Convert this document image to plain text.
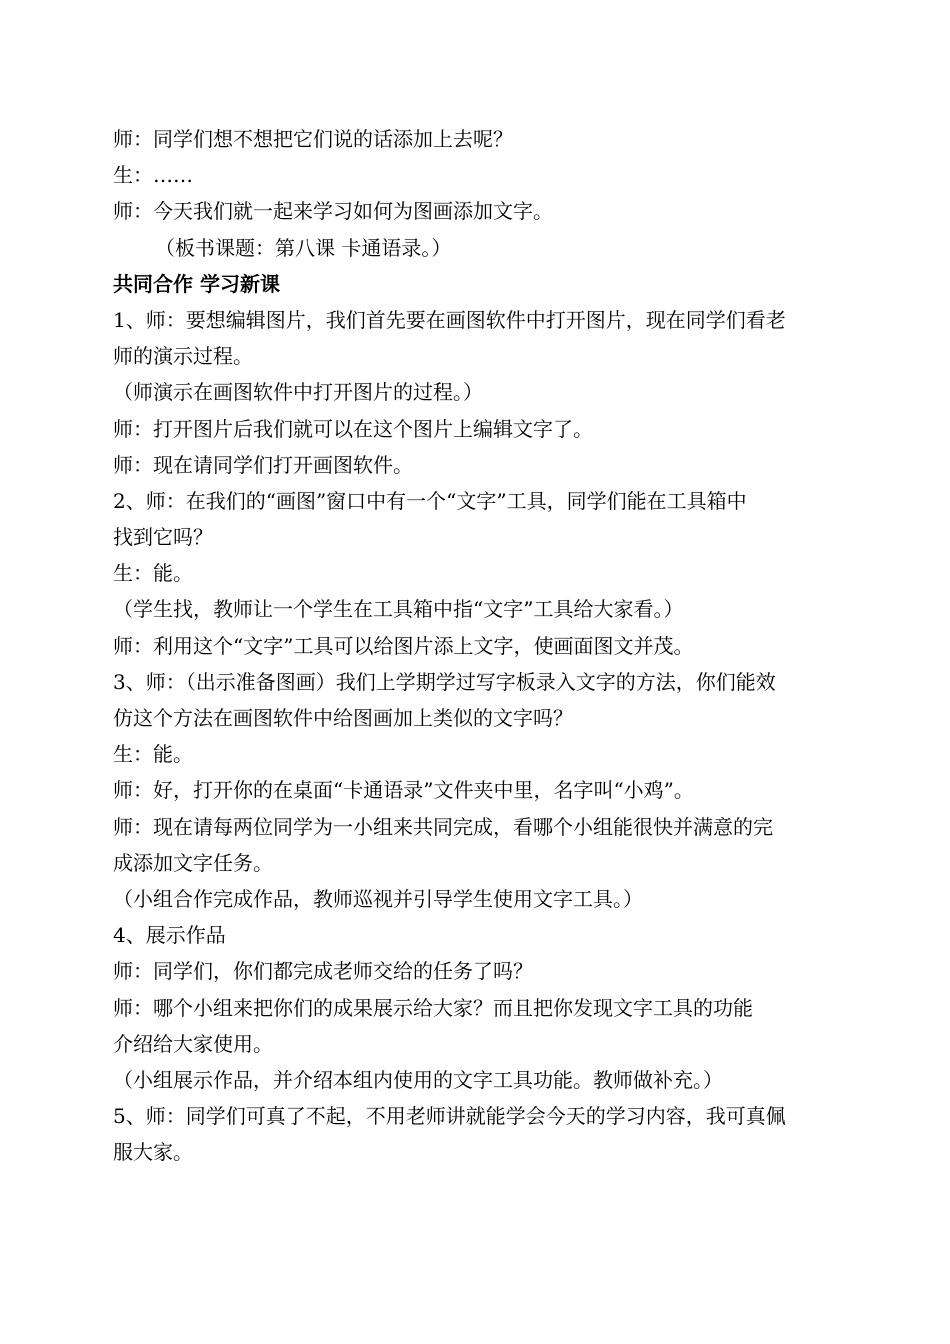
师：同学们想不想把它们说的话添加上去呢？
生：……
师：今天我们就一起来学习如何为图画添加文字。
（板书课题：第八课 卡通语录。）
共同合作 学习新课
1、师：要想编辑图片，我们首先要在画图软件中打开图片，现在同学们看老
师的演示过程。
（师演示在画图软件中打开图片的过程。）
师：打开图片后我们就可以在这个图片上编辑文字了。
师：现在请同学们打开画图软件。
2、师：在我们的“画图”窗口中有一个“文字”工具，同学们能在工具箱中
找到它吗？
生：能。
（学生找，教师让一个学生在工具箱中指“文字”工具给大家看。）
师：利用这个“文字”工具可以给图片添上文字，使画面图文并茂。
3、师：（出示准备图画）我们上学期学过写字板录入文字的方法，你们能效
仿这个方法在画图软件中给图画加上类似的文字吗？
生：能。
师：好，打开你的在桌面“卡通语录”文件夹中里，名字叫“小鸡”。
师：现在请每两位同学为一小组来共同完成，看哪个小组能很快并满意的完
成添加文字任务。
（小组合作完成作品，教师巡视并引导学生使用文字工具。）
4、展示作品
师：同学们，你们都完成老师交给的任务了吗？
师：哪个小组来把你们的成果展示给大家？而且把你发现文字工具的功能
介绍给大家使用。
（小组展示作品，并介绍本组内使用的文字工具功能。教师做补充。）
5、师：同学们可真了不起，不用老师讲就能学会今天的学习内容，我可真佩
服大家。
